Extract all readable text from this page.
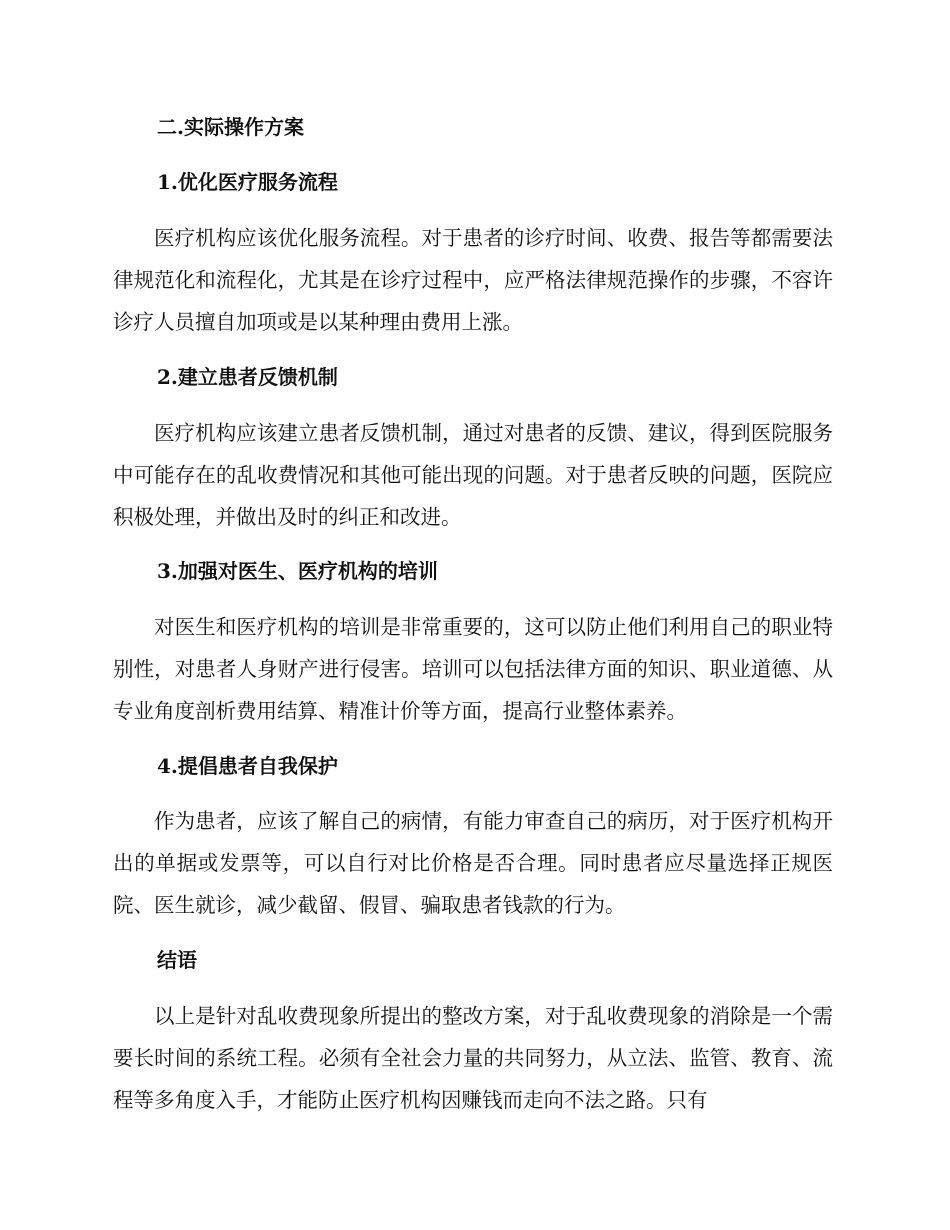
二.实际操作方案
1.优化医疗服务流程

医疗机构应该优化服务流程。对于患者的诊疗时间、收费、报告等都需要法律规范化和流程化，尤其是在诊疗过程中，应严格法律规范操作的步骤，不容许诊疗人员擅自加项或是以某种理由费用上涨。

2.建立患者反馈机制

医疗机构应该建立患者反馈机制，通过对患者的反馈、建议，得到医院服务中可能存在的乱收费情况和其他可能出现的问题。对于患者反映的问题，医院应积极处理，并做出及时的纠正和改进。

3.加强对医生、医疗机构的培训

对医生和医疗机构的培训是非常重要的，这可以防止他们利用自己的职业特别性，对患者人身财产进行侵害。培训可以包括法律方面的知识、职业道德、从专业角度剖析费用结算、精准计价等方面，提高行业整体素养。

4.提倡患者自我保护

作为患者，应该了解自己的病情，有能力审查自己的病历，对于医疗机构开出的单据或发票等，可以自行对比价格是否合理。同时患者应尽量选择正规医院、医生就诊，减少截留、假冒、骗取患者钱款的行为。

结语

以上是针对乱收费现象所提出的整改方案，对于乱收费现象的消除是一个需要长时间的系统工程。必须有全社会力量的共同努力，从立法、监管、教育、流程等多角度入手，才能防止医疗机构因赚钱而走向不法之路。只有
